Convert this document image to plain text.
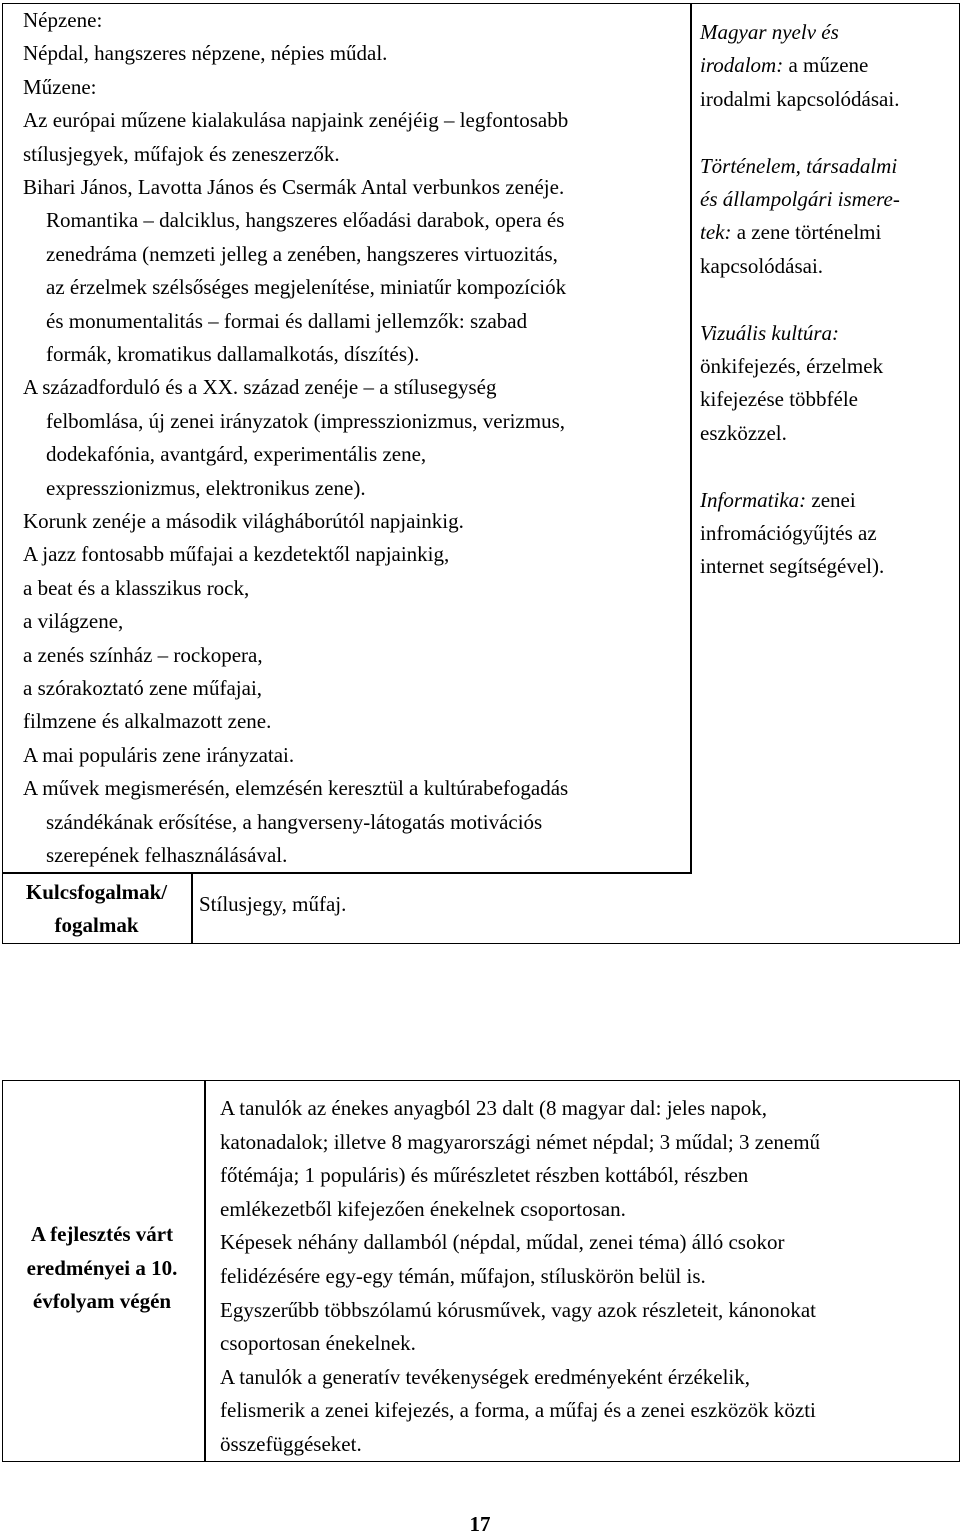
Népzene:
Népdal, hangszeres népzene, népies műdal.
Műzene:
Az európai műzene kialakulása napjaink zenéjéig – legfontosabb
stílusjegyek, műfajok és zeneszerzők.
Bihari János, Lavotta János és Csermák Antal verbunkos zenéje.
Romantika – dalciklus, hangszeres előadási darabok, opera és
zenedráma (nemzeti jelleg a zenében, hangszeres virtuozitás,
az érzelmek szélsőséges megjelenítése, miniatűr kompozíciók
és monumentalitás – formai és dallami jellemzők: szabad
formák, kromatikus dallamalkotás, díszítés).
A századforduló és a XX. század zenéje – a stílusegység
felbomlása, új zenei irányzatok (impresszionizmus, verizmus,
dodekafónia, avantgárd, experimentális zene,
expresszionizmus, elektronikus zene).
Korunk zenéje a második világháborútól napjainkig.
A jazz fontosabb műfajai a kezdetektől napjainkig,
a beat és a klasszikus rock,
a világzene,
a zenés színház – rockopera,
a szórakoztató zene műfajai,
filmzene és alkalmazott zene.
A mai populáris zene irányzatai.
A művek megismerésén, elemzésén keresztül a kultúrabefogadás
szándékának erősítése, a hangverseny-látogatás motivációs
szerepének felhasználásával.
Magyar nyelv és
irodalom: a műzene
irodalmi kapcsolódásai.
Történelem, társadalmi
és állampolgári ismere-
tek: a zene történelmi
kapcsolódásai.
Vizuális kultúra:
önkifejezés, érzelmek
kifejezése többféle
eszközzel.
Informatika: zenei
infromációgyűjtés az
internet segítségével).
Kulcsfogalmak/
fogalmak
Stílusjegy, műfaj.
A fejlesztés várt
eredményei a 10.
évfolyam végén
A tanulók az énekes anyagból 23 dalt (8 magyar dal: jeles napok,
katonadalok; illetve 8 magyarországi német népdal; 3 műdal; 3 zenemű
főtémája; 1 populáris) és műrészletet részben kottából, részben
emlékezetből kifejezően énekelnek csoportosan.
Képesek néhány dallamból (népdal, műdal, zenei téma) álló csokor
felidézésére egy-egy témán, műfajon, stíluskörön belül is.
Egyszerűbb többszólamú kórusművek, vagy azok részleteit, kánonokat
csoportosan énekelnek.
A tanulók a generatív tevékenységek eredményeként érzékelik,
felismerik a zenei kifejezés, a forma, a műfaj és a zenei eszközök közti
összefüggéseket.
17
